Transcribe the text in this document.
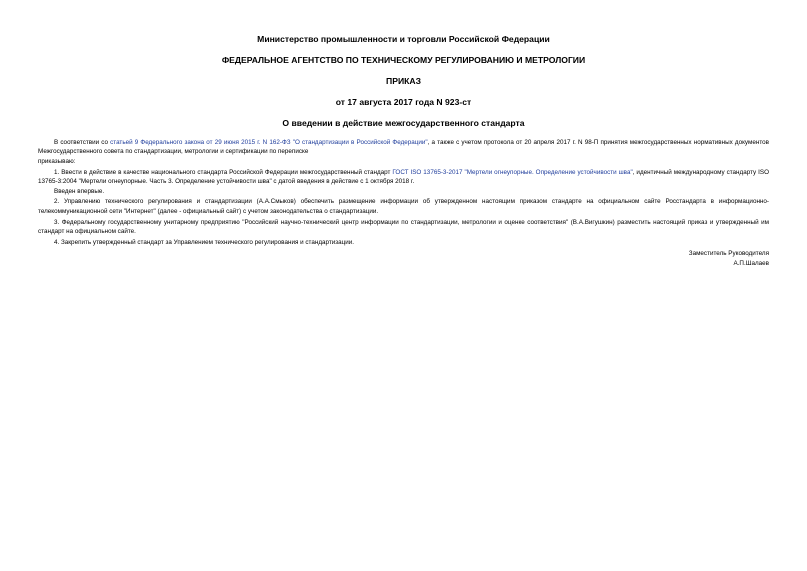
Министерство промышленности и торговли Российской Федерации
ФЕДЕРАЛЬНОЕ АГЕНТСТВО ПО ТЕХНИЧЕСКОМУ РЕГУЛИРОВАНИЮ И МЕТРОЛОГИИ
ПРИКАЗ
от 17 августа 2017 года N 923-ст
О введении в действие межгосударственного стандарта

В соответствии со статьей 9 Федерального закона от 29 июня 2015 г. N 162-ФЗ "О стандартизации в Российской Федерации", а также с учетом протокола от 20 апреля 2017 г. N 98-П принятия межгосударственных нормативных документов Межгосударственного совета по стандартизации, метрологии и сертификации по переписке

приказываю:

1. Ввести в действие в качестве национального стандарта Российской Федерации межгосударственный стандарт ГОСТ ISO 13765-3-2017 "Мертели огнеупорные. Определение устойчивости шва", идентичный международному стандарту ISO 13765-3:2004 "Мертели огнеупорные. Часть 3. Определение устойчивости шва" с датой введения в действие с 1 октября 2018 г.

Введен впервые.

2. Управлению технического регулирования и стандартизации (А.А.Смыков) обеспечить размещение информации об утвержденном настоящим приказом стандарте на официальном сайте Росстандарта в информационно-телекоммуникационной сети "Интернет" (далее - официальный сайт) с учетом законодательства о стандартизации.

3. Федеральному государственному унитарному предприятию "Российский научно-технический центр информации по стандартизации, метрологии и оценке соответствия" (В.А.Вигушкин) разместить настоящий приказ и утвержденный им стандарт на официальном сайте.

4. Закрепить утвержденный стандарт за Управлением технического регулирования и стандартизации.

Заместитель Руководителя
А.П.Шалаев
